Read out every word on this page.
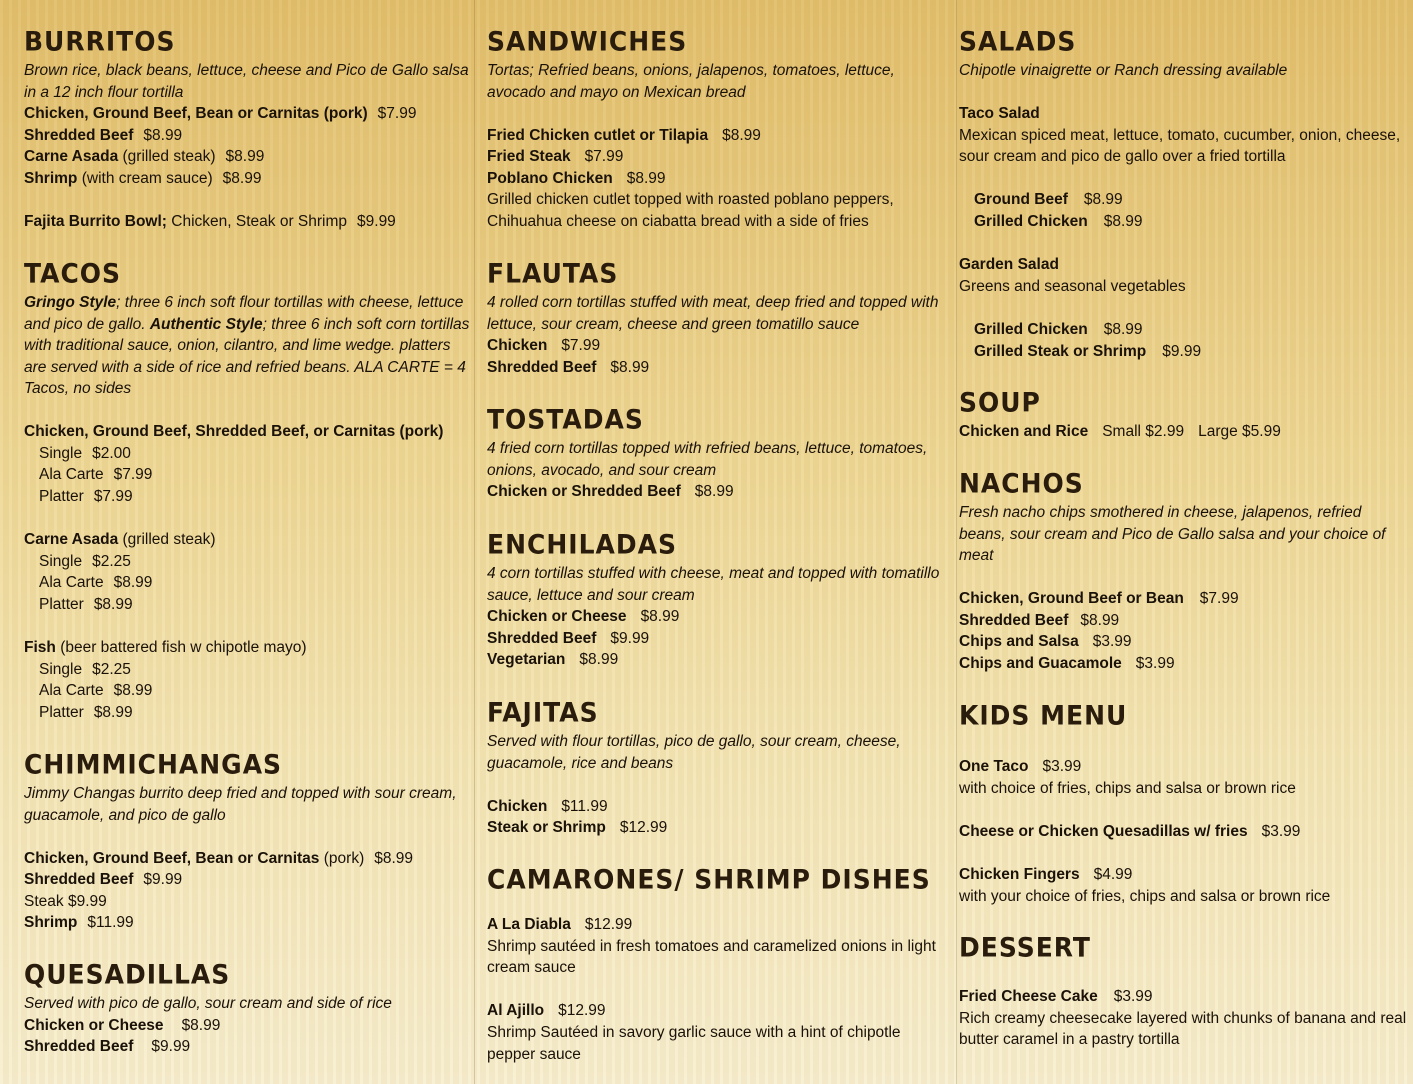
BURRITOS
Brown rice, black beans, lettuce, cheese and Pico de Gallo salsa in a 12 inch flour tortilla
Chicken, Ground Beef, Bean or Carnitas (pork) $7.99
Shredded Beef $8.99
Carne Asada (grilled steak) $8.99
Shrimp (with cream sauce) $8.99
Fajita Burrito Bowl; Chicken, Steak or Shrimp $9.99
TACOS
Gringo Style; three 6 inch soft flour tortillas with cheese, lettuce and pico de gallo. Authentic Style; three 6 inch soft corn tortillas with traditional sauce, onion, cilantro, and lime wedge. platters are served with a side of rice and refried beans. ALA CARTE = 4 Tacos, no sides
Chicken, Ground Beef, Shredded Beef, or Carnitas (pork)
Single $2.00
Ala Carte $7.99
Platter $7.99
Carne Asada (grilled steak)
Single $2.25
Ala Carte $8.99
Platter $8.99
Fish (beer battered fish w chipotle mayo)
Single $2.25
Ala Carte $8.99
Platter $8.99
CHIMMICHANGAS
Jimmy Changas burrito deep fried and topped with sour cream, guacamole, and pico de gallo
Chicken, Ground Beef, Bean or Carnitas (pork) $8.99
Shredded Beef $9.99
Steak $9.99
Shrimp $11.99
QUESADILLAS
Served with pico de gallo, sour cream and side of rice
Chicken or Cheese $8.99
Shredded Beef $9.99
SANDWICHES
Tortas; Refried beans, onions, jalapenos, tomatoes, lettuce, avocado and mayo on Mexican bread
Fried Chicken cutlet or Tilapia $8.99
Fried Steak $7.99
Poblano Chicken $8.99
Grilled chicken cutlet topped with roasted poblano peppers, Chihuahua cheese on ciabatta bread with a side of fries
FLAUTAS
4 rolled corn tortillas stuffed with meat, deep fried and topped with lettuce, sour cream, cheese and green tomatillo sauce
Chicken $7.99
Shredded Beef $8.99
TOSTADAS
4 fried corn tortillas topped with refried beans, lettuce, tomatoes, onions, avocado, and sour cream
Chicken or Shredded Beef $8.99
ENCHILADAS
4 corn tortillas stuffed with cheese, meat and topped with tomatillo sauce, lettuce and sour cream
Chicken or Cheese $8.99
Shredded Beef $9.99
Vegetarian $8.99
FAJITAS
Served with flour tortillas, pico de gallo, sour cream, cheese, guacamole, rice and beans
Chicken $11.99
Steak or Shrimp $12.99
CAMARONES/ SHRIMP DISHES
A La Diabla $12.99
Shrimp sautéed in fresh tomatoes and caramelized onions in light cream sauce
Al Ajillo $12.99
Shrimp Sautéed in savory garlic sauce with a hint of chipotle pepper sauce
SALADS
Chipotle vinaigrette or Ranch dressing available
Taco Salad
Mexican spiced meat, lettuce, tomato, cucumber, onion, cheese, sour cream and pico de gallo over a fried tortilla
Ground Beef $8.99
Grilled Chicken $8.99
Garden Salad
Greens and seasonal vegetables
Grilled Chicken $8.99
Grilled Steak or Shrimp $9.99
SOUP
Chicken and Rice Small $2.99 Large $5.99
NACHOS
Fresh nacho chips smothered in cheese, jalapenos, refried beans, sour cream and Pico de Gallo salsa and your choice of meat
Chicken, Ground Beef or Bean $7.99
Shredded Beef $8.99
Chips and Salsa $3.99
Chips and Guacamole $3.99
KIDS MENU
One Taco $3.99
with choice of fries, chips and salsa or brown rice
Cheese or Chicken Quesadillas w/ fries $3.99
Chicken Fingers $4.99
with your choice of fries, chips and salsa or brown rice
DESSERT
Fried Cheese Cake $3.99
Rich creamy cheesecake layered with chunks of banana and real butter caramel in a pastry tortilla
